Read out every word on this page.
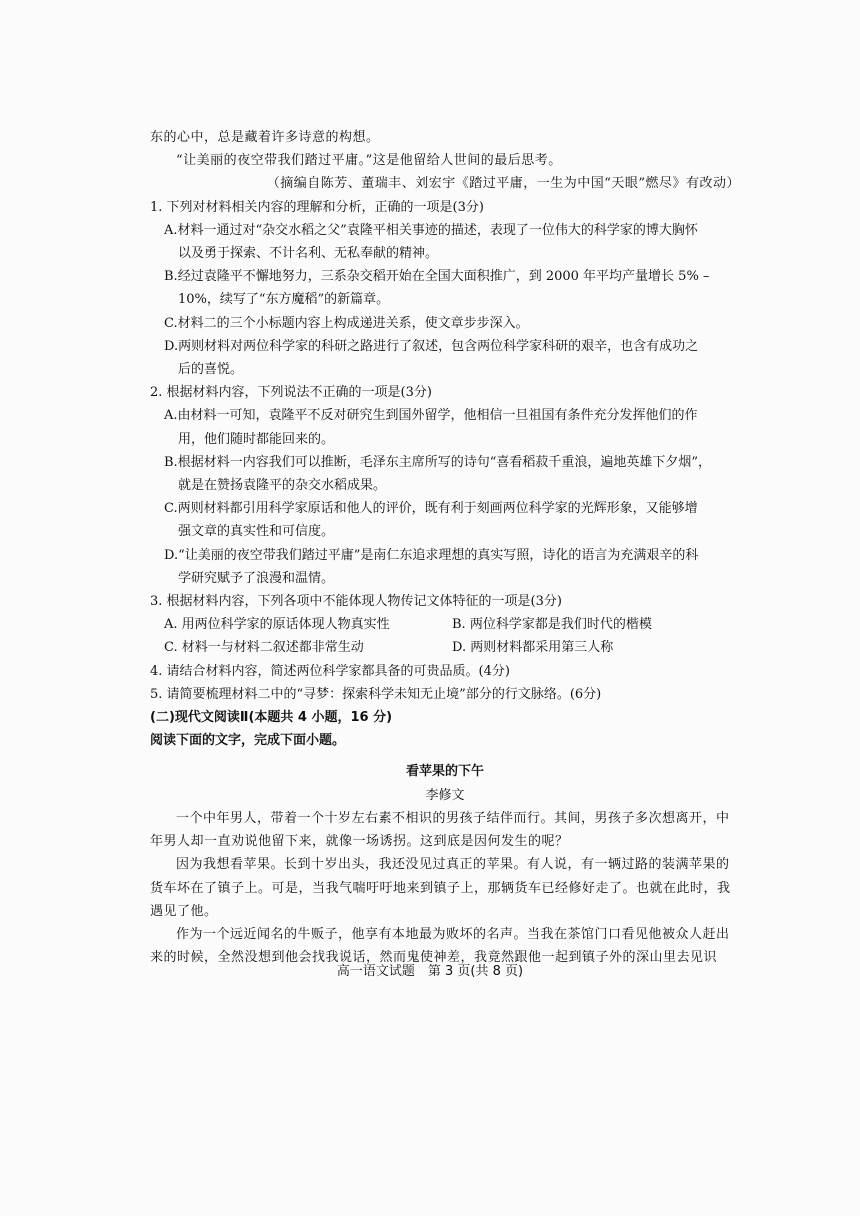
东的心中，总是藏着许多诗意的构想。

“让美丽的夜空带我们踏过平庸。”这是他留给人世间的最后思考。

（摘编自陈芳、董瑞丰、刘宏宇《踏过平庸，一生为中国“天眼”燃尽》有改动）

1. 下列对材料相关内容的理解和分析，正确的一项是(3分)

A.材料一通过对“杂交水稻之父”袁隆平相关事迹的描述，表现了一位伟大的科学家的博大胸怀
以及勇于探索、不计名利、无私奉献的精神。
B.经过袁隆平不懈地努力，三系杂交稻开始在全国大面积推广，到 2000 年平均产量增长 5% –
10%，续写了“东方魔稻”的新篇章。
C.材料二的三个小标题内容上构成递进关系，使文章步步深入。
D.两则材料对两位科学家的科研之路进行了叙述，包含两位科学家科研的艰辛，也含有成功之
后的喜悦。

2. 根据材料内容，下列说法不正确的一项是(3分)

A.由材料一可知，袁隆平不反对研究生到国外留学，他相信一旦祖国有条件充分发挥他们的作
用，他们随时都能回来的。
B.根据材料一内容我们可以推断，毛泽东主席所写的诗句“喜看稻菽千重浪，遍地英雄下夕烟”，
就是在赞扬袁隆平的杂交水稻成果。
C.两则材料都引用科学家原话和他人的评价，既有利于刻画两位科学家的光辉形象，又能够增
强文章的真实性和可信度。
D.“让美丽的夜空带我们踏过平庸”是南仁东追求理想的真实写照，诗化的语言为充满艰辛的科
学研究赋予了浪漫和温情。

3. 根据材料内容，下列各项中不能体现人物传记文体特征的一项是(3分)

A. 用两位科学家的原话体现人物真实性	B. 两位科学家都是我们时代的楷模
C. 材料一与材料二叙述都非常生动	D. 两则材料都采用第三人称

4. 请结合材料内容，简述两位科学家都具备的可贵品质。(4分)

5. 请简要梳理材料二中的“寻梦：探索科学未知无止境”部分的行文脉络。(6分)

(二)现代文阅读Ⅱ(本题共 4 小题，16 分)

阅读下面的文字，完成下面小题。

看苹果的下午

李修文

一个中年男人，带着一个十岁左右素不相识的男孩子结伴而行。其间，男孩子多次想离开，中年男人却一直劝说他留下来，就像一场诱拐。这到底是因何发生的呢？

因为我想看苹果。长到十岁出头，我还没见过真正的苹果。有人说，有一辆过路的装满苹果的货车坏在了镇子上。可是，当我气喘吁吁地来到镇子上，那辆货车已经修好走了。也就在此时，我遇见了他。

作为一个远近闻名的牛贩子，他享有本地最为败坏的名声。当我在茶馆门口看见他被众人赶出来的时候，全然没想到他会找我说话，然而鬼使神差，我竟然跟他一起到镇子外的深山里去见识

高一语文试题　第 3 页(共 8 页)
